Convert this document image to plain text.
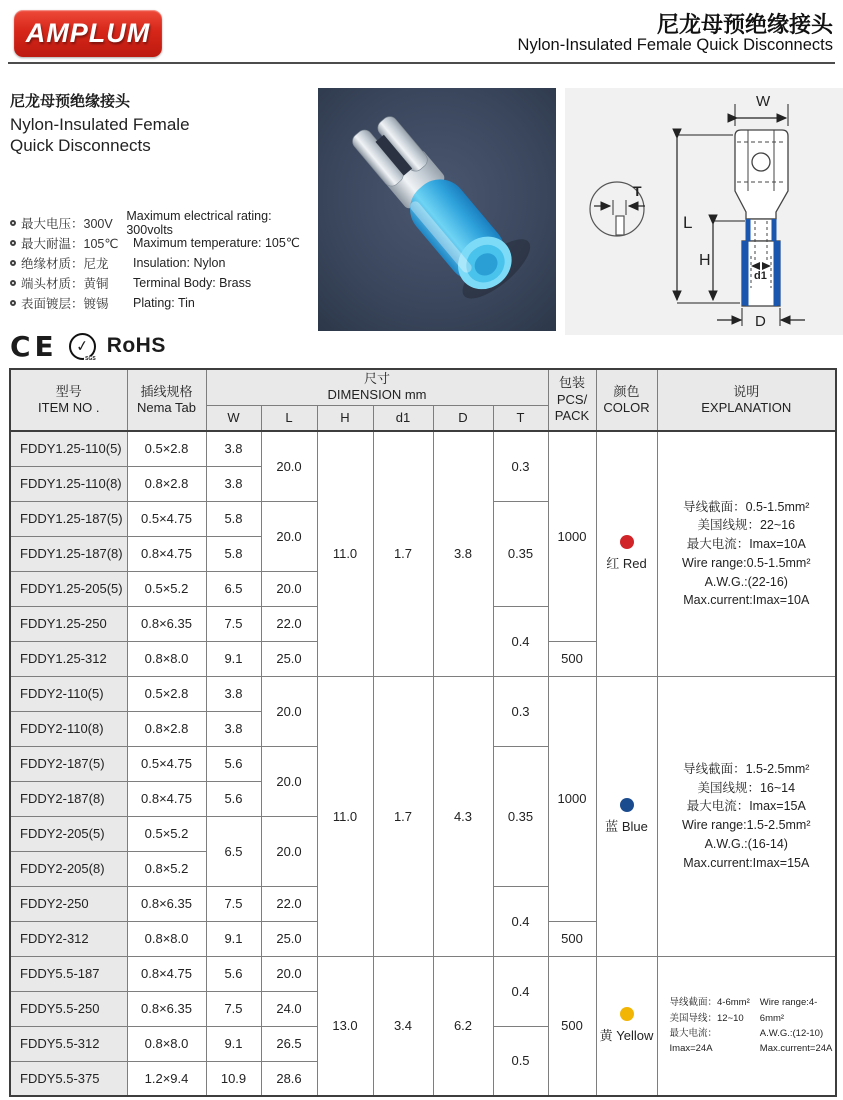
AMPLUM	尼龙母预绝缘接头
Nylon-Insulated Female Quick Disconnects
尼龙母预绝缘接头
Nylon-Insulated Female
Quick Disconnects
最大电压：300V
Maximum electrical rating: 300volts
最大耐温：105℃	Maximum temperature: 105℃
绝缘材质：尼龙	Insulation: Nylon
端头材质：黄铜	Terminal Body: Brass
表面镀层：镀锡	Plating: Tin
CE ✓
SGS
RoHS
T
W
L
H
d1
D
型号
ITEM NO .

插线规格
Nema Tab

尺寸
DIMENSION mm

包装
PCS/
PACK

颜色
COLOR

说明
EXPLANATION

		W	L	H	d1	D	T			
FDDY1.25-110(5)	0.5×2.8	3.8	20.0	11.0	1.7	3.8	0.3	1000	
红 Red

导线截面：0.5-1.5mm²
美国线规：22~16
最大电流：Imax=10A
Wire range:0.5-1.5mm²
A.W.G.:(22-16)
Max.current:Imax=10A

FDDY1.25-110(8)	0.8×2.8	3.8								
FDDY1.25-187(5)	0.5×4.75	5.8	20.0				0.35			
FDDY1.25-187(8)	0.8×4.75	5.8								
FDDY1.25-205(5)	0.5×5.2	6.5	20.0							
FDDY1.25-250	0.8×6.35	7.5	22.0				0.4			
FDDY1.25-312	0.8×8.0	9.1	25.0					500		
FDDY2-110(5)	0.5×2.8	3.8	20.0	11.0	1.7	4.3	0.3	1000	
蓝 Blue

导线截面：1.5-2.5mm²
美国线规：16~14
最大电流：Imax=15A
Wire range:1.5-2.5mm²
A.W.G.:(16-14)
Max.current:Imax=15A

FDDY2-110(8)	0.8×2.8	3.8								
FDDY2-187(5)	0.5×4.75	5.6	20.0				0.35			
FDDY2-187(8)	0.8×4.75	5.6								
FDDY2-205(5)	0.5×5.2	6.5	20.0							
FDDY2-205(8)	0.8×5.2									
FDDY2-250	0.8×6.35	7.5	22.0				0.4			
FDDY2-312	0.8×8.0	9.1	25.0					500		
FDDY5.5-187	0.8×4.75	5.6	20.0	13.0	3.4	6.2	0.4	500	
黄 Yellow

导线截面：4-6mm²
美国导线：12~10
最大电流：Imax=24A
Wire range:4-6mm²
A.W.G.:(12-10)
Max.current=24A

FDDY5.5-250	0.8×6.35	7.5	24.0							
FDDY5.5-312	0.8×8.0	9.1	26.5				0.5			
FDDY5.5-375	1.2×9.4	10.9	28.6							
